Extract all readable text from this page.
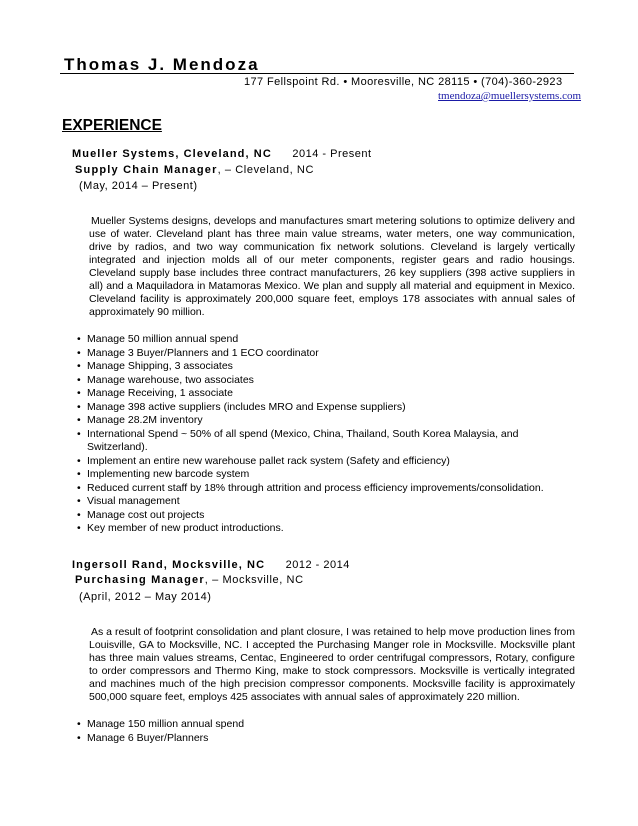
Thomas J. Mendoza
177 Fellspoint Rd. • Mooresville, NC 28115 • (704)-360-2923
tmendoza@muellersystems.com
EXPERIENCE
Mueller Systems, Cleveland, NC 2014 - Present
Supply Chain Manager, – Cleveland, NC
(May, 2014 – Present)
Mueller Systems designs, develops and manufactures smart metering solutions to optimize delivery and use of water. Cleveland plant has three main value streams, water meters, one way communication, drive by radios, and two way communication fix network solutions. Cleveland is largely vertically integrated and injection molds all of our meter components, register gears and radio housings. Cleveland supply base includes three contract manufacturers, 26 key suppliers (398 active suppliers in all) and a Maquiladora in Matamoras Mexico. We plan and supply all material and equipment in Mexico. Cleveland facility is approximately 200,000 square feet, employs 178 associates with annual sales of approximately 90 million.
• Manage 50 million annual spend
• Manage 3 Buyer/Planners and 1 ECO coordinator
• Manage Shipping, 3 associates
• Manage warehouse, two associates
• Manage Receiving, 1 associate
• Manage 398 active suppliers (includes MRO and Expense suppliers)
• Manage 28.2M inventory
• International Spend ~ 50% of all spend (Mexico, China, Thailand, South Korea Malaysia, and Switzerland).
• Implement an entire new warehouse pallet rack system (Safety and efficiency)
• Implementing new barcode system
• Reduced current staff by 18% through attrition and process efficiency improvements/consolidation.
• Visual management
• Manage cost out projects
• Key member of new product introductions.
Ingersoll Rand, Mocksville, NC 2012 - 2014
Purchasing Manager, – Mocksville, NC
(April, 2012 – May 2014)
As a result of footprint consolidation and plant closure, I was retained to help move production lines from Louisville, GA to Mocksville, NC. I accepted the Purchasing Manger role in Mocksville. Mocksville plant has three main values streams, Centac, Engineered to order centrifugal compressors, Rotary, configure to order compressors and Thermo King, make to stock compressors. Mocksville is vertically integrated and machines much of the high precision compressor components. Mocksville facility is approximately 500,000 square feet, employs 425 associates with annual sales of approximately 220 million.
• Manage 150 million annual spend
• Manage 6 Buyer/Planners
